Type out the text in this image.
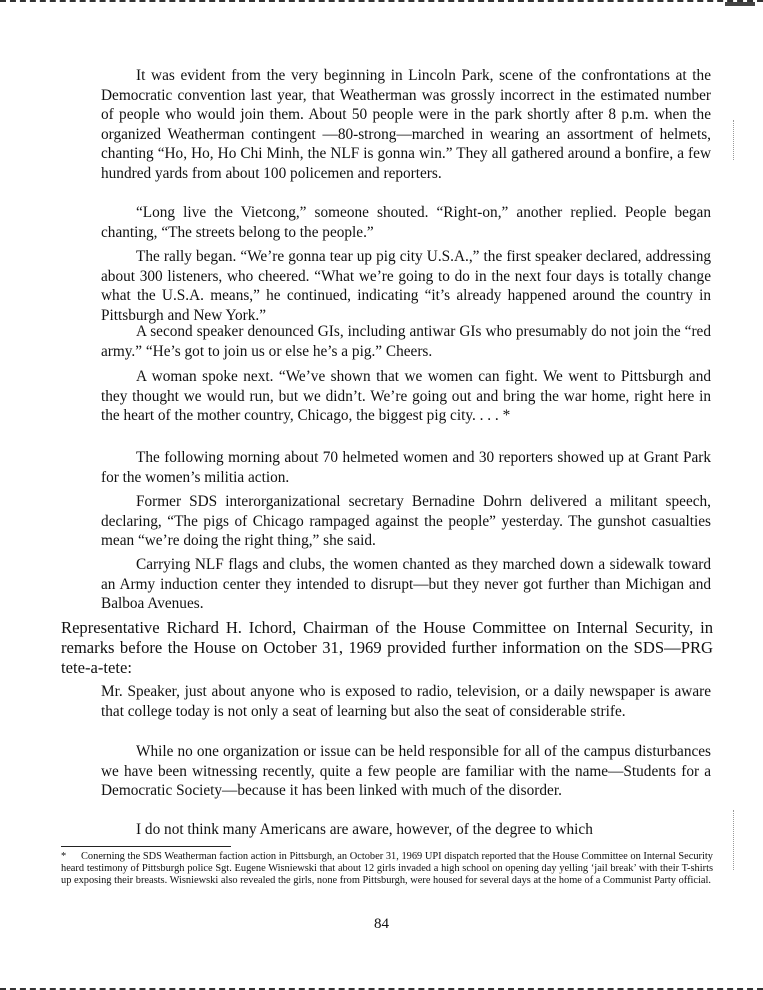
It was evident from the very beginning in Lincoln Park, scene of the confrontations at the Democratic convention last year, that Weatherman was grossly incorrect in the estimated number of people who would join them. About 50 people were in the park shortly after 8 p.m. when the organized Weatherman contingent —80-strong—marched in wearing an assortment of helmets, chanting “Ho, Ho, Ho Chi Minh, the NLF is gonna win.” They all gathered around a bonfire, a few hundred yards from about 100 policemen and reporters.

“Long live the Vietcong,” someone shouted. “Right-on,” another replied. People began chanting, “The streets belong to the people.”

The rally began. “We’re gonna tear up pig city U.S.A.,” the first speaker declared, addressing about 300 listeners, who cheered. “What we’re going to do in the next four days is totally change what the U.S.A. means,” he continued, indicating “it’s already happened around the country in Pittsburgh and New York.”

A second speaker denounced GIs, including antiwar GIs who presumably do not join the “red army.” “He’s got to join us or else he’s a pig.” Cheers.

A woman spoke next. “We’ve shown that we women can fight. We went to Pittsburgh and they thought we would run, but we didn’t. We’re going out and bring the war home, right here in the heart of the mother country, Chicago, the biggest pig city. . . . *

The following morning about 70 helmeted women and 30 reporters showed up at Grant Park for the women’s militia action.

Former SDS interorganizational secretary Bernadine Dohrn delivered a militant speech, declaring, “The pigs of Chicago rampaged against the people” yesterday. The gunshot casualties mean “we’re doing the right thing,” she said.

Carrying NLF flags and clubs, the women chanted as they marched down a sidewalk toward an Army induction center they intended to disrupt—but they never got further than Michigan and Balboa Avenues.

Representative Richard H. Ichord, Chairman of the House Committee on Internal Security, in remarks before the House on October 31, 1969 provided further information on the SDS—PRG tete-a-tete:

Mr. Speaker, just about anyone who is exposed to radio, television, or a daily newspaper is aware that college today is not only a seat of learning but also the seat of considerable strife.

While no one organization or issue can be held responsible for all of the campus disturbances we have been witnessing recently, quite a few people are familiar with the name—Students for a Democratic Society—because it has been linked with much of the disorder.

I do not think many Americans are aware, however, of the degree to which

* Conerning the SDS Weatherman faction action in Pittsburgh, an October 31, 1969 UPI dispatch reported that the House Committee on Internal Security heard testimony of Pittsburgh police Sgt. Eugene Wisniewski that about 12 girls invaded a high school on opening day yelling ‘jail break’ with their T-shirts up exposing their breasts. Wisniewski also revealed the girls, none from Pittsburgh, were housed for several days at the home of a Communist Party official.

84
